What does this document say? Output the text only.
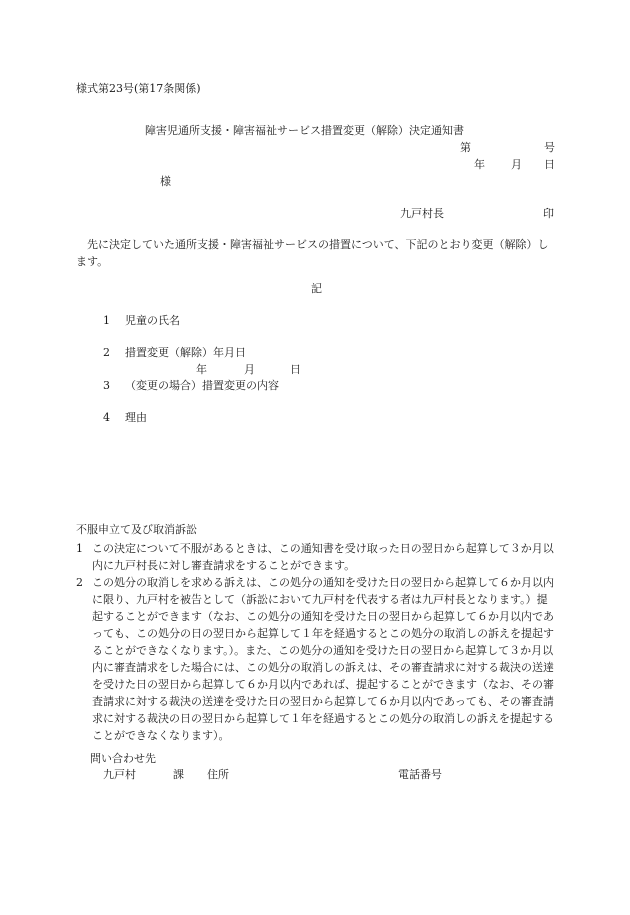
様式第23号(第17条関係)
障害児通所支援・障害福祉サービス措置変更（解除）決定通知書
第	号
年 月 日
様
九戸村長	印
先に決定していた通所支援・障害福祉サービスの措置について、下記のとおり変更（解除）します。
記
1 児童の氏名
2 措置変更（解除）年月日
年	月	日
3 （変更の場合）措置変更の内容
4 理由
不服申立て及び取消訴訟
1 この決定について不服があるときは、この通知書を受け取った日の翌日から起算して３か月以内に九戸村長に対し審査請求をすることができます。
2 この処分の取消しを求める訴えは、この処分の通知を受けた日の翌日から起算して６か月以内に限り、九戸村を被告として（訴訟において九戸村を代表する者は九戸村長となります。）提起することができます（なお、この処分の通知を受けた日の翌日から起算して６か月以内であっても、この処分の日の翌日から起算して１年を経過するとこの処分の取消しの訴えを提起することができなくなります。）。また、この処分の通知を受けた日の翌日から起算して３か月以内に審査請求をした場合には、この処分の取消しの訴えは、その審査請求に対する裁決の送達を受けた日の翌日から起算して６か月以内であれば、提起することができます（なお、その審査請求に対する裁決の送達を受けた日の翌日から起算して６か月以内であっても、その審査請求に対する裁決の日の翌日から起算して１年を経過するとこの処分の取消しの訴えを提起することができなくなります）。
問い合わせ先
九戸村	課 住所	電話番号
